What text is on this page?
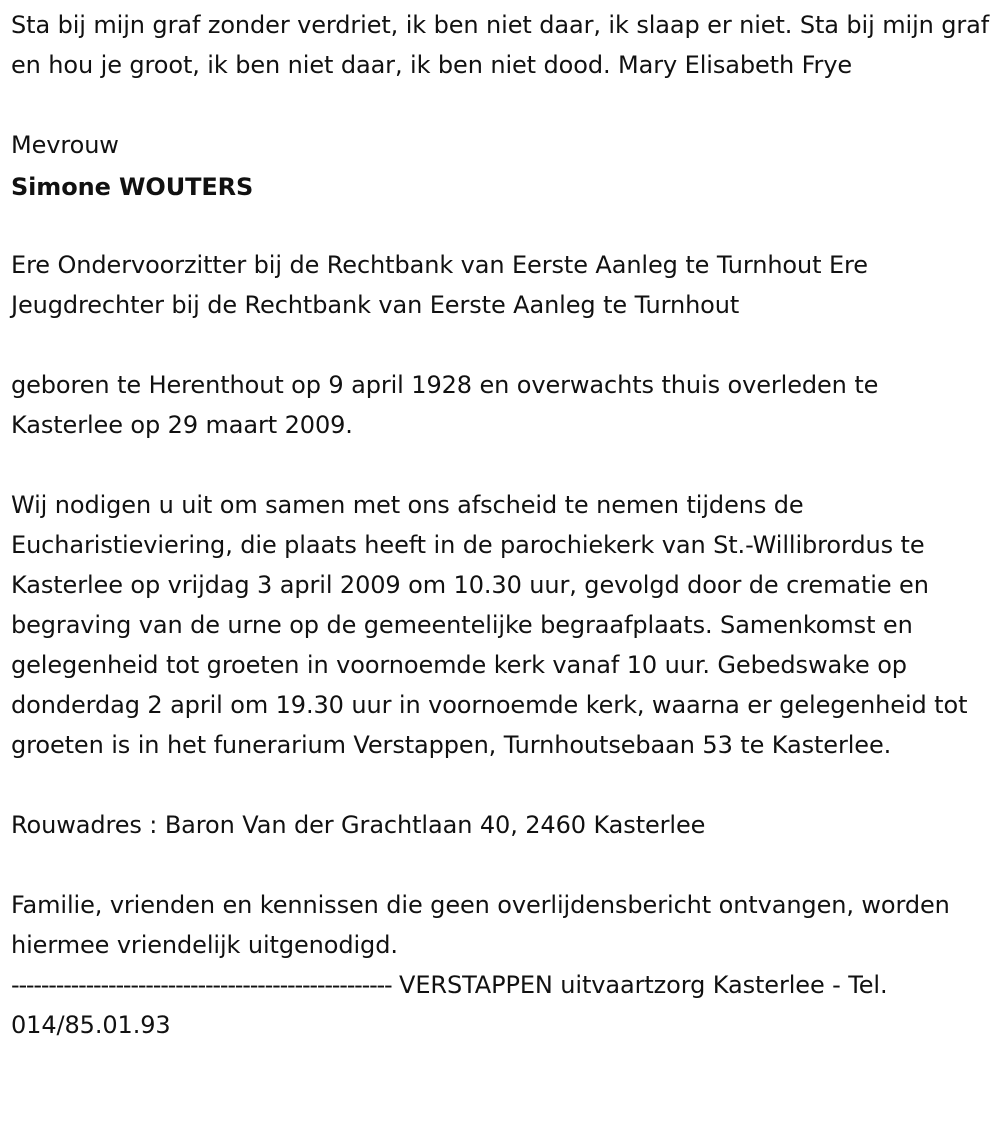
Sta bij mijn graf zonder verdriet, ik ben niet daar, ik slaap er niet. Sta bij mijn graf en hou je groot, ik ben niet daar, ik ben niet dood. Mary Elisabeth Frye

Mevrouw

Simone WOUTERS

Ere Ondervoorzitter bij de Rechtbank van Eerste Aanleg te Turnhout Ere Jeugdrechter bij de Rechtbank van Eerste Aanleg te Turnhout

geboren te Herenthout op 9 april 1928 en overwachts thuis overleden te Kasterlee op 29 maart 2009.

Wij nodigen u uit om samen met ons afscheid te nemen tijdens de Eucharistieviering, die plaats heeft in de parochiekerk van St.-Willibrordus te Kasterlee op vrijdag 3 april 2009 om 10.30 uur, gevolgd door de crematie en begraving van de urne op de gemeentelijke begraafplaats. Samenkomst en gelegenheid tot groeten in voornoemde kerk vanaf 10 uur. Gebedswake op donderdag 2 april om 19.30 uur in voornoemde kerk, waarna er gelegenheid tot groeten is in het funerarium Verstappen, Turnhoutsebaan 53 te Kasterlee.

Rouwadres : Baron Van der Grachtlaan 40, 2460 Kasterlee

Familie, vrienden en kennissen die geen overlijdensbericht ontvangen, worden hiermee vriendelijk uitgenodigd.

--------------------------------------------------- VERSTAPPEN uitvaartzorg Kasterlee - Tel. 014/85.01.93
